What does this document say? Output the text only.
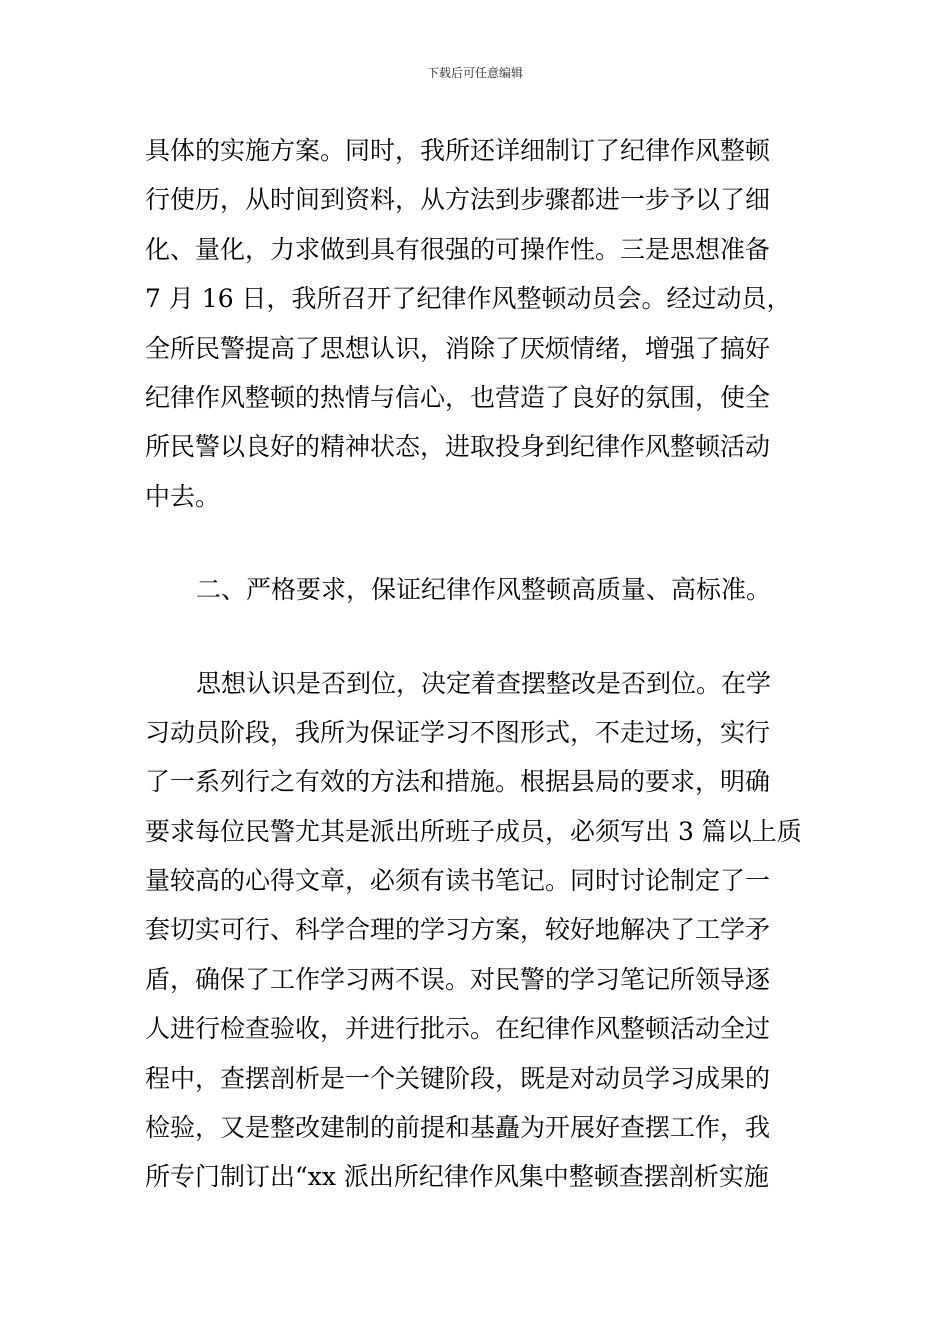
下载后可任意编辑
具体的实施方案。同时，我所还详细制订了纪律作风整顿
行使历，从时间到资料，从方法到步骤都进一步予以了细
化、量化，力求做到具有很强的可操作性。三是思想准备
7 月 16 日，我所召开了纪律作风整顿动员会。经过动员，
全所民警提高了思想认识，消除了厌烦情绪，增强了搞好
纪律作风整顿的热情与信心，也营造了良好的氛围，使全
所民警以良好的精神状态，进取投身到纪律作风整顿活动
中去。
二、严格要求，保证纪律作风整顿高质量、高标准。
思想认识是否到位，决定着查摆整改是否到位。在学
习动员阶段，我所为保证学习不图形式，不走过场，实行
了一系列行之有效的方法和措施。根据县局的要求，明确
要求每位民警尤其是派出所班子成员，必须写出 3 篇以上质
量较高的心得文章，必须有读书笔记。同时讨论制定了一
套切实可行、科学合理的学习方案，较好地解决了工学矛
盾，确保了工作学习两不误。对民警的学习笔记所领导逐
人进行检查验收，并进行批示。在纪律作风整顿活动全过
程中，查摆剖析是一个关键阶段，既是对动员学习成果的
检验，又是整改建制的前提和基矗为开展好查摆工作，我
所专门制订出“xx 派出所纪律作风集中整顿查摆剖析实施
